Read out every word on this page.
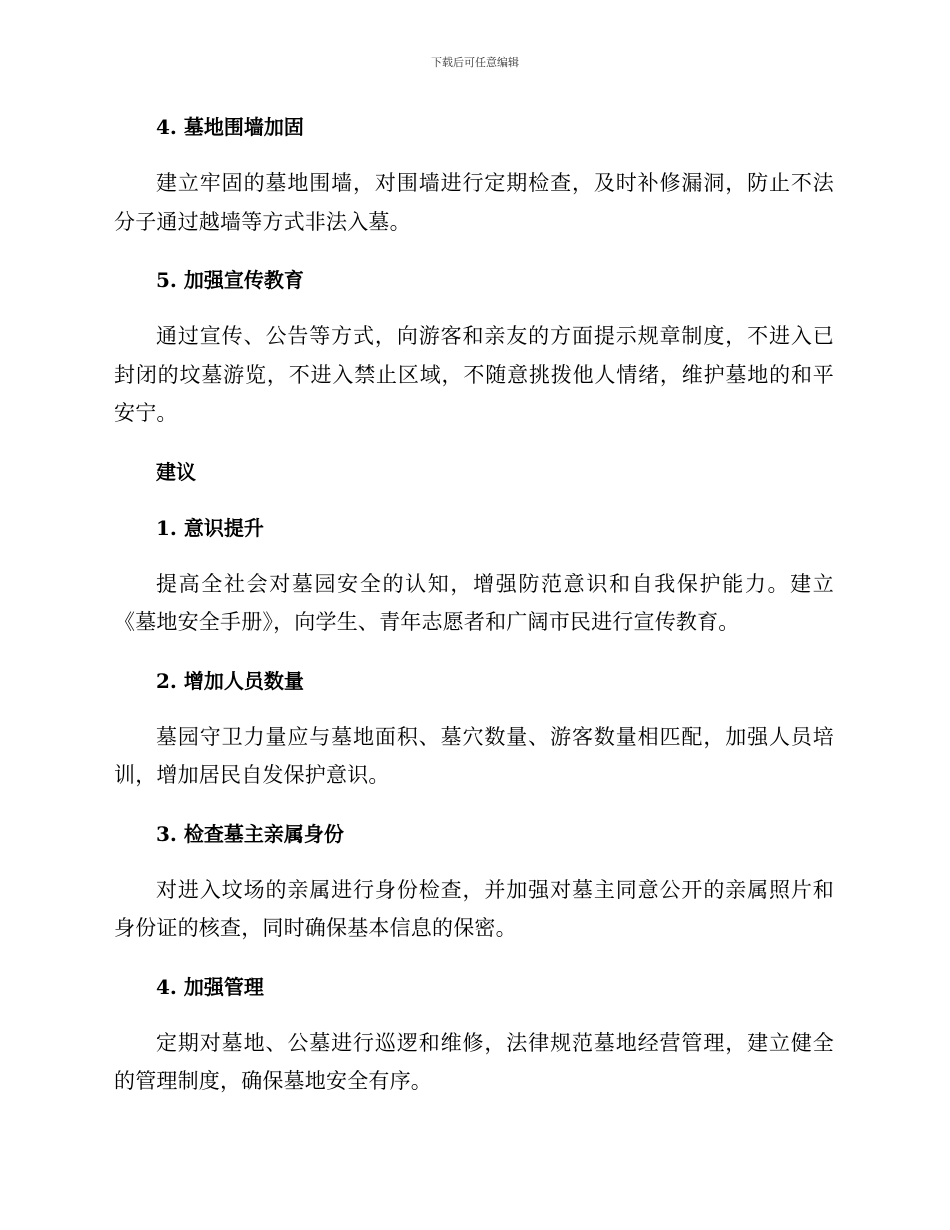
下载后可任意编辑
4. 墓地围墙加固

建立牢固的墓地围墙，对围墙进行定期检查，及时补修漏洞，防止不法分子通过越墙等方式非法入墓。

5. 加强宣传教育

通过宣传、公告等方式，向游客和亲友的方面提示规章制度，不进入已封闭的坟墓游览，不进入禁止区域，不随意挑拨他人情绪，维护墓地的和平安宁。

建议
1. 意识提升

提高全社会对墓园安全的认知，增强防范意识和自我保护能力。建立《墓地安全手册》，向学生、青年志愿者和广阔市民进行宣传教育。

2. 增加人员数量

墓园守卫力量应与墓地面积、墓穴数量、游客数量相匹配，加强人员培训，增加居民自发保护意识。

3. 检查墓主亲属身份

对进入坟场的亲属进行身份检查，并加强对墓主同意公开的亲属照片和身份证的核查，同时确保基本信息的保密。

4. 加强管理

定期对墓地、公墓进行巡逻和维修，法律规范墓地经营管理，建立健全的管理制度，确保墓地安全有序。
